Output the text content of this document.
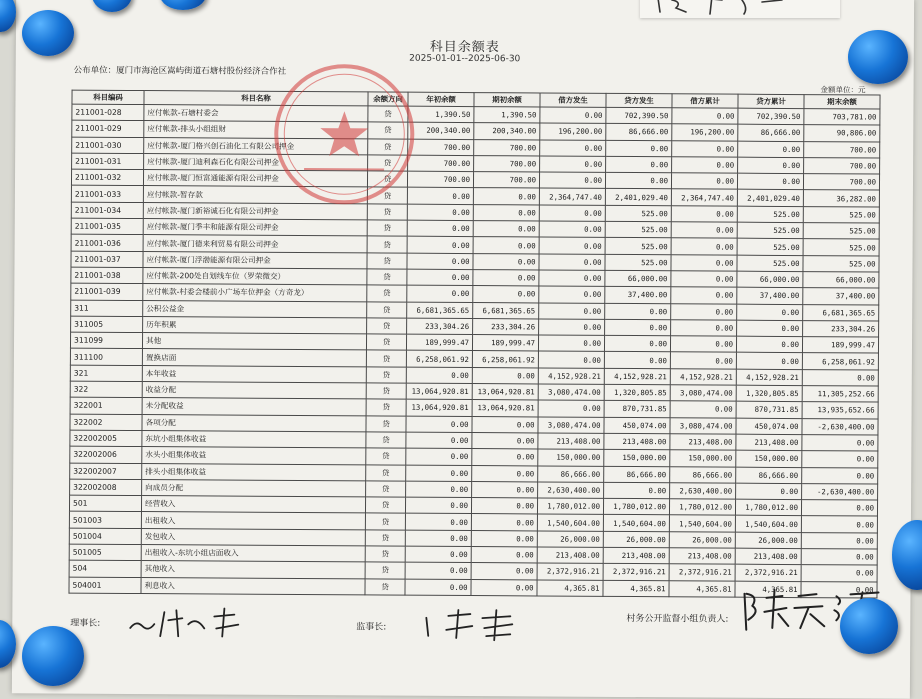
科目余额表
2025-01-01--2025-06-30
公布单位：厦门市海沧区嵩屿街道石塘村股份经济合作社
金额单位：元
科目编码	科目名称	余额方向	年初余额	期初余额	借方发生	贷方发生	借方累计	贷方累计	期末余额
211001-028	应付帐款-石塘村委会	贷	1,390.50	1,390.50	0.00	702,390.50	0.00	702,390.50	703,781.00
211001-029	应付帐款-排头小组组财	贷	200,340.00	200,340.00	196,200.00	86,666.00	196,200.00	86,666.00	90,806.00
211001-030	应付帐款-厦门格兴创石油化工有限公司押金	贷	700.00	700.00	0.00	0.00	0.00	0.00	700.00
211001-031	应付帐款-厦门迪利森石化有限公司押金	贷	700.00	700.00	0.00	0.00	0.00	0.00	700.00
211001-032	应付帐款-厦门恒富通能源有限公司押金	贷	700.00	700.00	0.00	0.00	0.00	0.00	700.00
211001-033	应付帐款-暂存款	贷	0.00	0.00	2,364,747.40	2,401,029.40	2,364,747.40	2,401,029.40	36,282.00
211001-034	应付帐款-厦门新裕诚石化有限公司押金	贷	0.00	0.00	0.00	525.00	0.00	525.00	525.00
211001-035	应付帐款-厦门季丰和能源有限公司押金	贷	0.00	0.00	0.00	525.00	0.00	525.00	525.00
211001-036	应付帐款-厦门德来利贸易有限公司押金	贷	0.00	0.00	0.00	525.00	0.00	525.00	525.00
211001-037	应付帐款-厦门浮渤能源有限公司押金	贷	0.00	0.00	0.00	525.00	0.00	525.00	525.00
211001-038	应付帐款-200处自划线车位（罗荣微交）	贷	0.00	0.00	0.00	66,000.00	0.00	66,000.00	66,000.00
211001-039	应付帐款-村委会楼前小广场车位押金（方奇龙）	贷	0.00	0.00	0.00	37,400.00	0.00	37,400.00	37,400.00
311	公积公益金	贷	6,681,365.65	6,681,365.65	0.00	0.00	0.00	0.00	6,681,365.65
311005	历年积累	贷	233,304.26	233,304.26	0.00	0.00	0.00	0.00	233,304.26
311099	其他	贷	189,999.47	189,999.47	0.00	0.00	0.00	0.00	189,999.47
311100	置换店面	贷	6,258,061.92	6,258,061.92	0.00	0.00	0.00	0.00	6,258,061.92
321	本年收益	贷	0.00	0.00	4,152,928.21	4,152,928.21	4,152,928.21	4,152,928.21	0.00
322	收益分配	贷	13,064,920.81	13,064,920.81	3,080,474.00	1,320,805.85	3,080,474.00	1,320,805.85	11,305,252.66
322001	未分配收益	贷	13,064,920.81	13,064,920.81	0.00	870,731.85	0.00	870,731.85	13,935,652.66
322002	各项分配	贷	0.00	0.00	3,080,474.00	450,074.00	3,080,474.00	450,074.00	-2,630,400.00
322002005	东坑小组集体收益	贷	0.00	0.00	213,408.00	213,408.00	213,408.00	213,408.00	0.00
322002006	水头小组集体收益	贷	0.00	0.00	150,000.00	150,000.00	150,000.00	150,000.00	0.00
322002007	排头小组集体收益	贷	0.00	0.00	86,666.00	86,666.00	86,666.00	86,666.00	0.00
322002008	向成员分配	贷	0.00	0.00	2,630,400.00	0.00	2,630,400.00	0.00	-2,630,400.00
501	经营收入	贷	0.00	0.00	1,780,012.00	1,780,012.00	1,780,012.00	1,780,012.00	0.00
501003	出租收入	贷	0.00	0.00	1,540,604.00	1,540,604.00	1,540,604.00	1,540,604.00	0.00
501004	发包收入	贷	0.00	0.00	26,000.00	26,000.00	26,000.00	26,000.00	0.00
501005	出租收入-东坑小组店面收入	贷	0.00	0.00	213,408.00	213,408.00	213,408.00	213,408.00	0.00
504	其他收入	贷	0.00	0.00	2,372,916.21	2,372,916.21	2,372,916.21	2,372,916.21	0.00
504001	利息收入	贷	0.00	0.00	4,365.81	4,365.81	4,365.81	4,365.81	0.00
理事长:	监事长:
村务公开监督小组负责人:
